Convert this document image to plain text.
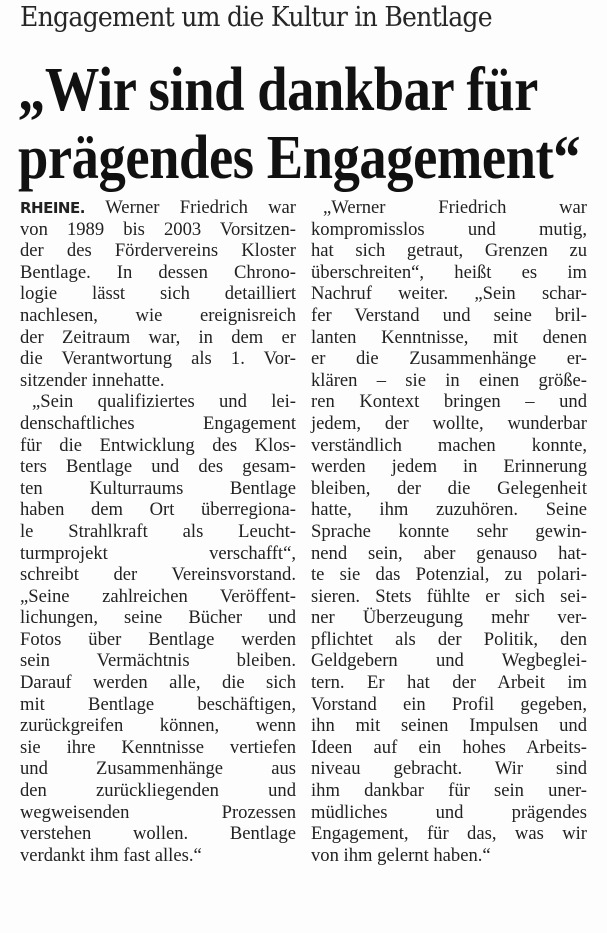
Engagement um die Kultur in Bentlage
„Wir sind dankbar für
prägendes Engagement“
RHEINE. Werner Friedrich war
von 1989 bis 2003 Vorsitzen-
der des Fördervereins Kloster
Bentlage. In dessen Chrono-
logie lässt sich detailliert
nachlesen, wie ereignisreich
der Zeitraum war, in dem er
die Verantwortung als 1. Vor-
sitzender innehatte.
„Sein qualifiziertes und lei-
denschaftliches Engagement
für die Entwicklung des Klos-
ters Bentlage und des gesam-
ten Kulturraums Bentlage
haben dem Ort überregiona-
le Strahlkraft als Leucht-
turmprojekt verschafft“,
schreibt der Vereinsvorstand.
„Seine zahlreichen Veröffent-
lichungen, seine Bücher und
Fotos über Bentlage werden
sein Vermächtnis bleiben.
Darauf werden alle, die sich
mit Bentlage beschäftigen,
zurückgreifen können, wenn
sie ihre Kenntnisse vertiefen
und Zusammenhänge aus
den zurückliegenden und
wegweisenden Prozessen
verstehen wollen. Bentlage
verdankt ihm fast alles.“
„Werner Friedrich war
kompromisslos und mutig,
hat sich getraut, Grenzen zu
überschreiten“, heißt es im
Nachruf weiter. „Sein schar-
fer Verstand und seine bril-
lanten Kenntnisse, mit denen
er die Zusammenhänge er-
klären – sie in einen größe-
ren Kontext bringen – und
jedem, der wollte, wunderbar
verständlich machen konnte,
werden jedem in Erinnerung
bleiben, der die Gelegenheit
hatte, ihm zuzuhören. Seine
Sprache konnte sehr gewin-
nend sein, aber genauso hat-
te sie das Potenzial, zu polari-
sieren. Stets fühlte er sich sei-
ner Überzeugung mehr ver-
pflichtet als der Politik, den
Geldgebern und Wegbeglei-
tern. Er hat der Arbeit im
Vorstand ein Profil gegeben,
ihn mit seinen Impulsen und
Ideen auf ein hohes Arbeits-
niveau gebracht. Wir sind
ihm dankbar für sein uner-
müdliches und prägendes
Engagement, für das, was wir
von ihm gelernt haben.“
